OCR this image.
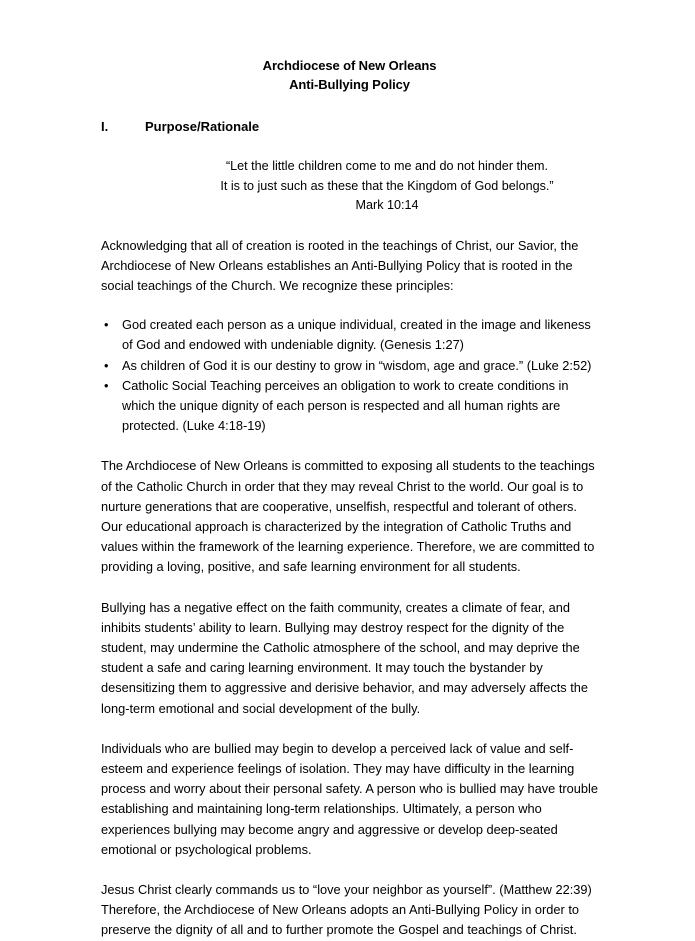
Archdiocese of New Orleans
Anti-Bullying Policy
I.	Purpose/Rationale
“Let the little children come to me and do not hinder them.
It is to just such as these that the Kingdom of God belongs.”
Mark 10:14

Acknowledging that all of creation is rooted in the teachings of Christ, our Savior, the Archdiocese of New Orleans establishes an Anti-Bullying Policy that is rooted in the social teachings of the Church. We recognize these principles:

• God created each person as a unique individual, created in the image and likeness of God and endowed with undeniable dignity. (Genesis 1:27)
• As children of God it is our destiny to grow in “wisdom, age and grace.” (Luke 2:52)
• Catholic Social Teaching perceives an obligation to work to create conditions in which the unique dignity of each person is respected and all human rights are protected. (Luke 4:18-19)

The Archdiocese of New Orleans is committed to exposing all students to the teachings of the Catholic Church in order that they may reveal Christ to the world. Our goal is to nurture generations that are cooperative, unselfish, respectful and tolerant of others. Our educational approach is characterized by the integration of Catholic Truths and values within the framework of the learning experience. Therefore, we are committed to providing a loving, positive, and safe learning environment for all students.

Bullying has a negative effect on the faith community, creates a climate of fear, and inhibits students’ ability to learn. Bullying may destroy respect for the dignity of the student, may undermine the Catholic atmosphere of the school, and may deprive the student a safe and caring learning environment. It may touch the bystander by desensitizing them to aggressive and derisive behavior, and may adversely affects the long-term emotional and social development of the bully.

Individuals who are bullied may begin to develop a perceived lack of value and self-esteem and experience feelings of isolation. They may have difficulty in the learning process and worry about their personal safety. A person who is bullied may have trouble establishing and maintaining long-term relationships. Ultimately, a person who experiences bullying may become angry and aggressive or develop deep-seated emotional or psychological problems.

Jesus Christ clearly commands us to “love your neighbor as yourself”. (Matthew 22:39) Therefore, the Archdiocese of New Orleans adopts an Anti-Bullying Policy in order to preserve the dignity of all and to further promote the Gospel and teachings of Christ.
